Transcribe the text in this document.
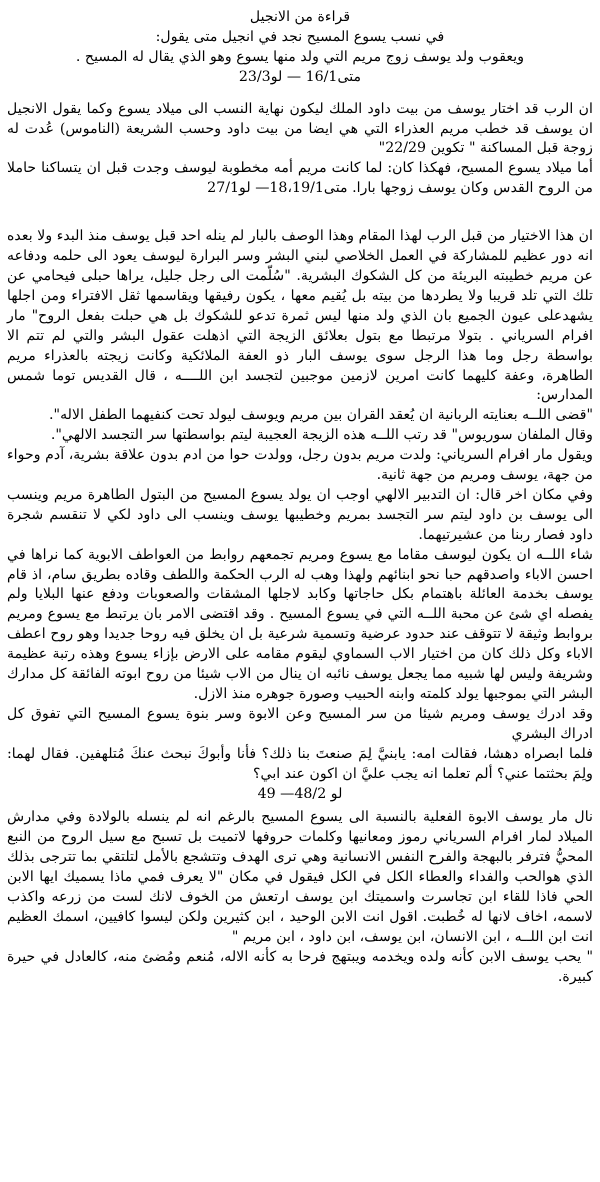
قراءة من الانجيل

في نسب يسوع المسيح نجد في انجيل متى يقول:

ويعقوب ولد يوسف زوج مريم التي ولد منها يسوع وهو الذي يقال له المسيح .

متى16/1 — لو23/3

ان الرب قد اختار يوسف من بيت داود الملك ليكون نهاية النسب الى ميلاد يسوع وكما يقول الانجيل ان يوسف قد خطب مريم العذراء التي هي ايضا من بيت داود وحسب الشريعة (الناموس) عُدت له زوجة قبل المساكنة " تكوين 22/29"

أما ميلاد يسوع المسيح، فهكذا كان: لما كانت مريم أمه مخطوبة ليوسف وجدت قبل ان يتساكنا حاملا من الروح القدس وكان يوسف زوجها بارا. متى18،19/1— لو27/1

ان هذا الاختيار من قبل الرب لهذا المقام وهذا الوصف بالبار لم ينله احد قبل يوسف منذ البدء ولا بعده انه دور عظيم للمشاركة في العمل الخلاصي لبني البشر وسر البرارة ليوسف يعود الى حلمه ودفاعه عن مريم خطيبته البريئة من كل الشكوك البشرية. "سُلّمت الى رجل جليل، يراها حبلى فيحامي عن تلك التي تلد قريبا ولا يطردها من بيته بل يُقيم معها ، يكون رفيقها ويقاسمها ثقل الافتراء ومن اجلها يشهدعلى عيون الجميع بان الذي ولد منها ليس ثمرة تدعو للشكوك بل هي حبلت بفعل الروح" مار افرام السرياني . بتولا مرتبطا مع بتول بعلائق الزيجة التي اذهلت عقول البشر والتي لم تتم الا بواسطة رجل وما هذا الرجل سوى يوسف البار ذو العفة الملائكية وكانت زيجته بالعذراء مريم الطاهرة، وعفة كليهما كانت امرين لازمين موجبين لتجسد ابن اللــــه ، قال القديس توما شمس المدارس:

"قضى اللــه بعنايته الربانية ان يُعقد القران بين مريم ويوسف ليولد تحت كنفيهما الطفل الاله".

وقال الملفان سوريوس" قد رتب اللــه هذه الزيجة العجيبة ليتم بواسطتها سر التجسد الالهي".

ويقول مار افرام السرياني: ولدت مريم بدون رجل، وولدت حوا من ادم بدون علاقة بشرية، آدم وحواء من جهة، يوسف ومريم من جهة ثانية.

وفي مكان اخر قال: ان التدبير الالهي اوجب ان يولد يسوع المسيح من البتول الطاهرة مريم وينسب الى يوسف بن داود ليتم سر التجسد بمريم وخطيبها يوسف وينسب الى داود لكي لا تنقسم شجرة داود فصار ربنا من عشيرتيهما.

شاء اللــه ان يكون ليوسف مقاما مع يسوع ومريم تجمعهم روابط من العواطف الابوية كما نراها في احسن الاباء واصدقهم حبا نحو ابنائهم ولهذا وهب له الرب الحكمة واللطف وقاده بطريق سام، اذ قام يوسف بخدمة العائلة باهتمام بكل حاجاتها وكابد لاجلها المشقات والصعوبات ودفع عنها البلايا ولم يفصله اي شئ عن محبة اللــه التي في يسوع المسيح . وقد اقتضى الامر بان يرتبط مع يسوع ومريم بروابط وثيقة لا تتوقف عند حدود عرضية وتسمية شرعية بل ان يخلق فيه روحا جديدا وهو روح اعطف الاباء وكل ذلك كان من اختيار الاب السماوي ليقوم مقامه على الارض بإزاء يسوع وهذه رتبة عظيمة وشريفة وليس لها شبيه مما يجعل يوسف نائبه ان ينال من الاب شيئا من روح ابوته الفائقة كل مدارك البشر التي بموجبها يولد كلمته وابنه الحبيب وصورة جوهره منذ الازل.

وقد ادرك يوسف ومريم شيئا من سر المسيح وعن الابوة وسر بنوة يسوع المسيح التي تفوق كل ادراك البشري

فلما ابصراه دهشا، فقالت امه: يابنيَّ لِمَ صنعتَ بنا ذلك؟ فأنا وأبوكَ نبحث عنكَ مُتلهفين. فقال لهما: ولِمَ بحثتما عني؟ ألم تعلما انه يجب عليَّ ان اكون عند ابي؟

لو 48/2— 49

نال مار يوسف الابوة الفعلية بالنسبة الى يسوع المسيح بالرغم انه لم ينسله بالولادة وفي مدارش الميلاد لمار افرام السرياني رموز ومعانيها وكلمات حروفها لاتميت بل تسبح مع سيل الروح من النبع المحيُّ فترفر بالبهجة والفرح النفس الانسانية وهي ترى الهدف وتتشجع بالأمل لتلتقي بما تترجى بذلك الذي هوالحب والفداء والعطاء الكل في الكل فيقول في مكان "لا يعرف فمي ماذا يسميك ايها الابن الحي فاذا للقاء ابن تجاسرت واسميتك ابن يوسف ارتعش من الخوف لانك لست من زرعه واكذب لاسمه، اخاف لانها له خُطبت. اقول انت الابن الوحيد ، ابن كثيرين ولكن ليسوا كافيين، اسمك العظيم انت ابن اللــه ، ابن الانسان، ابن يوسف، ابن داود ، ابن مريم "

" يحب يوسف الابن كأنه ولده ويخدمه ويبتهج فرحا به كأنه الاله، مُنعم ومُضئ منه، كالعادل في حيرة كبيرة.
